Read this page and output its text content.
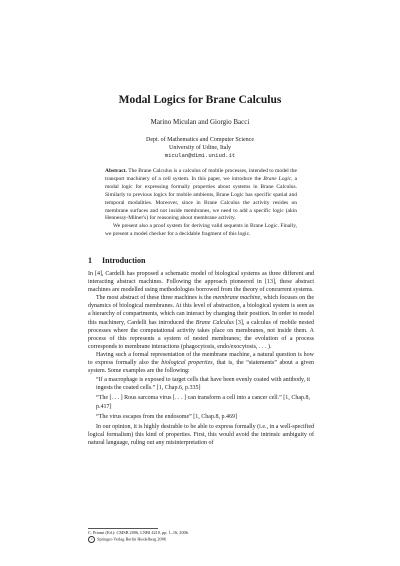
Modal Logics for Brane Calculus
Marino Miculan and Giorgio Bacci
Dept. of Mathematics and Computer Science
University of Udine, Italy
miculan@dimi.uniud.it

Abstract. The Brane Calculus is a calculus of mobile processes, intended to model the transport machinery of a cell system. In this paper, we introduce the Brane Logic, a modal logic for expressing formally properties about systems in Brane Calculus. Similarly to previous logics for mobile ambients, Brane Logic has specific spatial and temporal modalities. Moreover, since in Brane Calculus the activity resides on membrane surfaces and not inside membranes, we need to add a specific logic (akin Hennessy-Milner's) for reasoning about membrane activity.

We present also a proof system for deriving valid sequents in Brane Logic. Finally, we present a model checker for a decidable fragment of this logic.

1 Introduction

In [4], Cardelli has proposed a schematic model of biological systems as three different and interacting abstract machines. Following the approach pioneered in [13], these abstract machines are modelled using methodologies borrowed from the theory of concurrent systems.

The most abstract of these three machines is the membrane machine, which focuses on the dynamics of biological membranes. At this level of abstraction, a biological system is seen as a hierarchy of compartments, which can interact by changing their position. In order to model this machinery, Cardelli has introduced the Brane Calculus [3], a calculus of mobile nested processes where the computational activity takes place on membranes, not inside them. A process of this represents a system of nested membranes; the evolution of a process corresponds to membrane interactions (phagocytosis, endo/exocytosis, . . . ).

Having such a formal representation of the membrane machine, a natural question is how to express formally also the biological properties, that is, the “statements” about a given system. Some examples are the following:

“If a macrophage is exposed to target cells that have been evenly coated with antibody, it ingests the coated cells.” [1, Chap.6, p.335]

“The [. . . ] Rous sarcoma virus [. . . ] can transform a cell into a cancer cell.” [1, Chap.8, p.417]

“The virus escapes from the endosome” [1, Chap.8, p.469]

In our opinion, it is highly desirable to be able to express formally (i.e., in a well-specified logical formalism) this kind of properties. First, this would avoid the intrinsic ambiguity of natural language, ruling out any misinterpretation of

C. Priami (Ed.): CMSB 2006, LNBI 4210, pp. 1–16, 2006.
c Springer-Verlag Berlin Heidelberg 2006
